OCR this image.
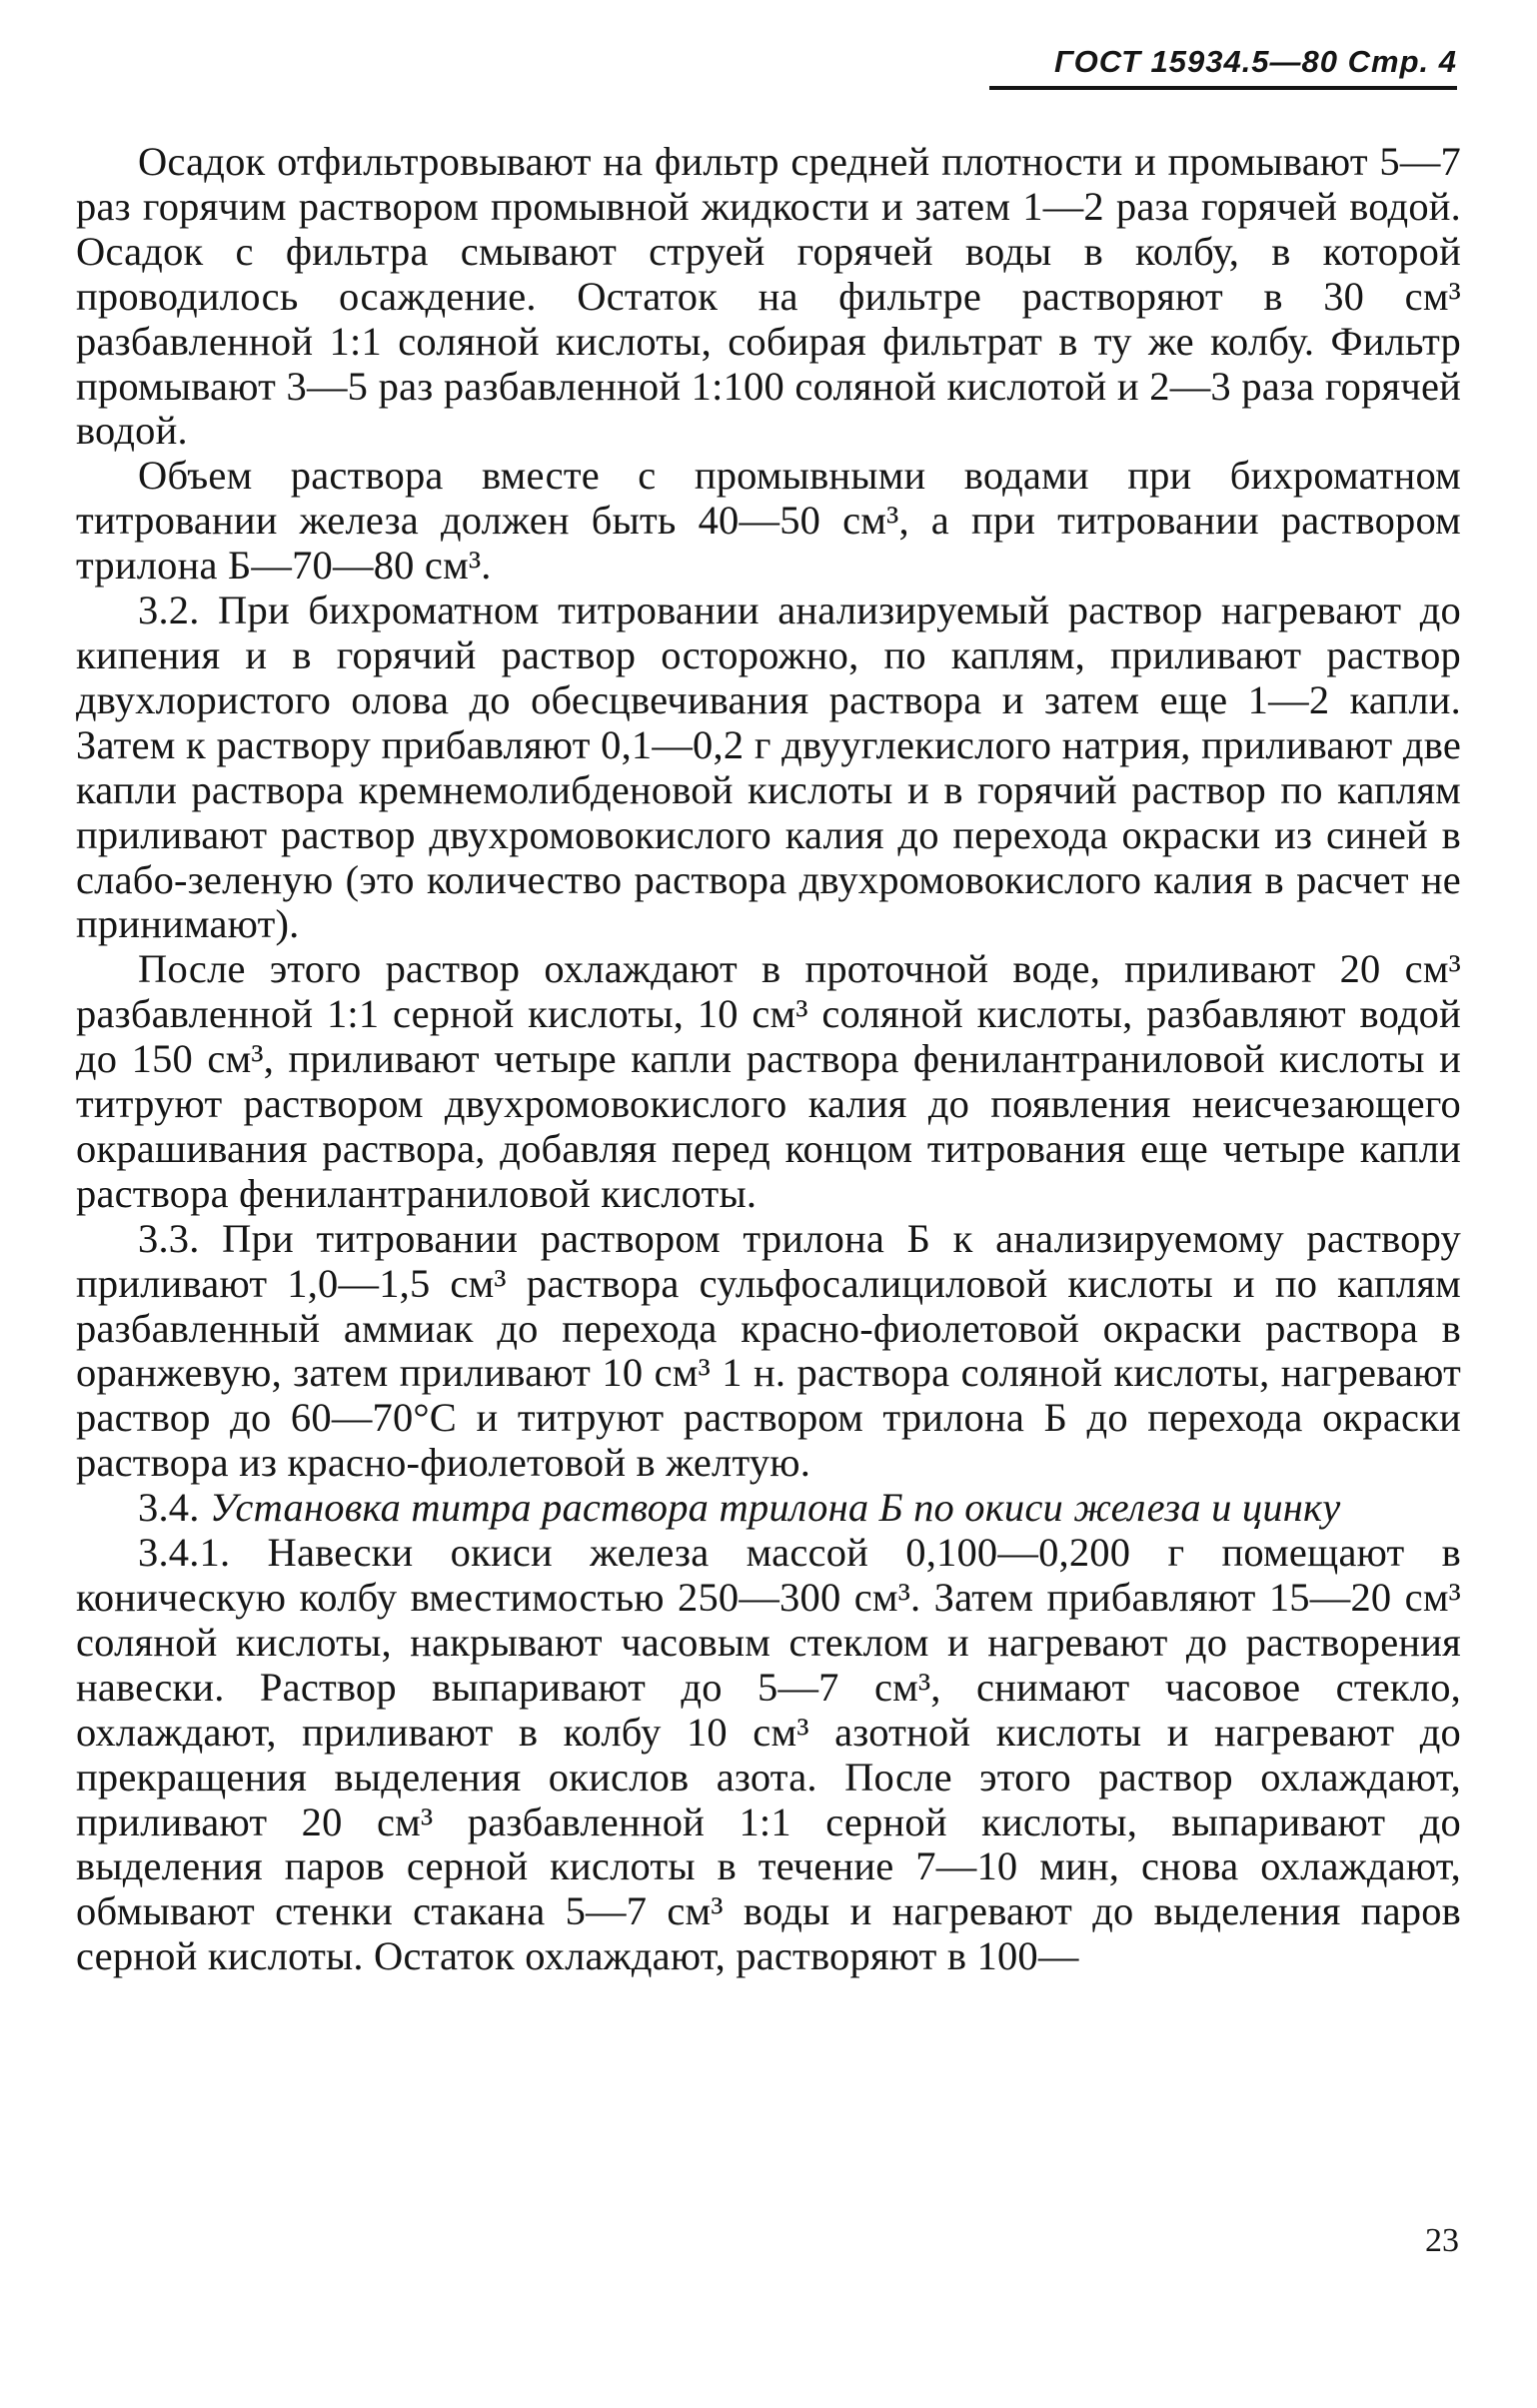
ГОСТ 15934.5—80 Стр. 4

Осадок отфильтровывают на фильтр средней плотности и промывают 5—7 раз горячим раствором промывной жидкости и затем 1—2 раза горячей водой. Осадок с фильтра смывают струей горячей воды в колбу, в которой проводилось осаждение. Остаток на фильтре растворяют в 30 см³ разбавленной 1:1 соляной кислоты, собирая фильтрат в ту же колбу. Фильтр промывают 3—5 раз разбавленной 1:100 соляной кислотой и 2—3 раза горячей водой.

Объем раствора вместе с промывными водами при бихроматном титровании железа должен быть 40—50 см³, а при титровании раствором трилона Б—70—80 см³.

3.2. При бихроматном титровании анализируемый раствор нагревают до кипения и в горячий раствор осторожно, по каплям, приливают раствор двухлористого олова до обесцвечивания раствора и затем еще 1—2 капли. Затем к раствору прибавляют 0,1—0,2 г двууглекислого натрия, приливают две капли раствора кремнемолибденовой кислоты и в горячий раствор по каплям приливают раствор двухромовокислого калия до перехода окраски из синей в слабо-зеленую (это количество раствора двухромовокислого калия в расчет не принимают).

После этого раствор охлаждают в проточной воде, приливают 20 см³ разбавленной 1:1 серной кислоты, 10 см³ соляной кислоты, разбавляют водой до 150 см³, приливают четыре капли раствора фенилантраниловой кислоты и титруют раствором двухромовокислого калия до появления неисчезающего окрашивания раствора, добавляя перед концом титрования еще четыре капли раствора фенилантраниловой кислоты.

3.3. При титровании раствором трилона Б к анализируемому раствору приливают 1,0—1,5 см³ раствора сульфосалициловой кислоты и по каплям разбавленный аммиак до перехода красно-фиолетовой окраски раствора в оранжевую, затем приливают 10 см³ 1 н. раствора соляной кислоты, нагревают раствор до 60—70°С и титруют раствором трилона Б до перехода окраски раствора из красно-фиолетовой в желтую.

3.4. Установка титра раствора трилона Б по окиси железа и цинку

3.4.1. Навески окиси железа массой 0,100—0,200 г помещают в коническую колбу вместимостью 250—300 см³. Затем прибавляют 15—20 см³ соляной кислоты, накрывают часовым стеклом и нагревают до растворения навески. Раствор выпаривают до 5—7 см³, снимают часовое стекло, охлаждают, приливают в колбу 10 см³ азотной кислоты и нагревают до прекращения выделения окислов азота. После этого раствор охлаждают, приливают 20 см³ разбавленной 1:1 серной кислоты, выпаривают до выделения паров серной кислоты в течение 7—10 мин, снова охлаждают, обмывают стенки стакана 5—7 см³ воды и нагревают до выделения паров серной кислоты. Остаток охлаждают, растворяют в 100—

23
